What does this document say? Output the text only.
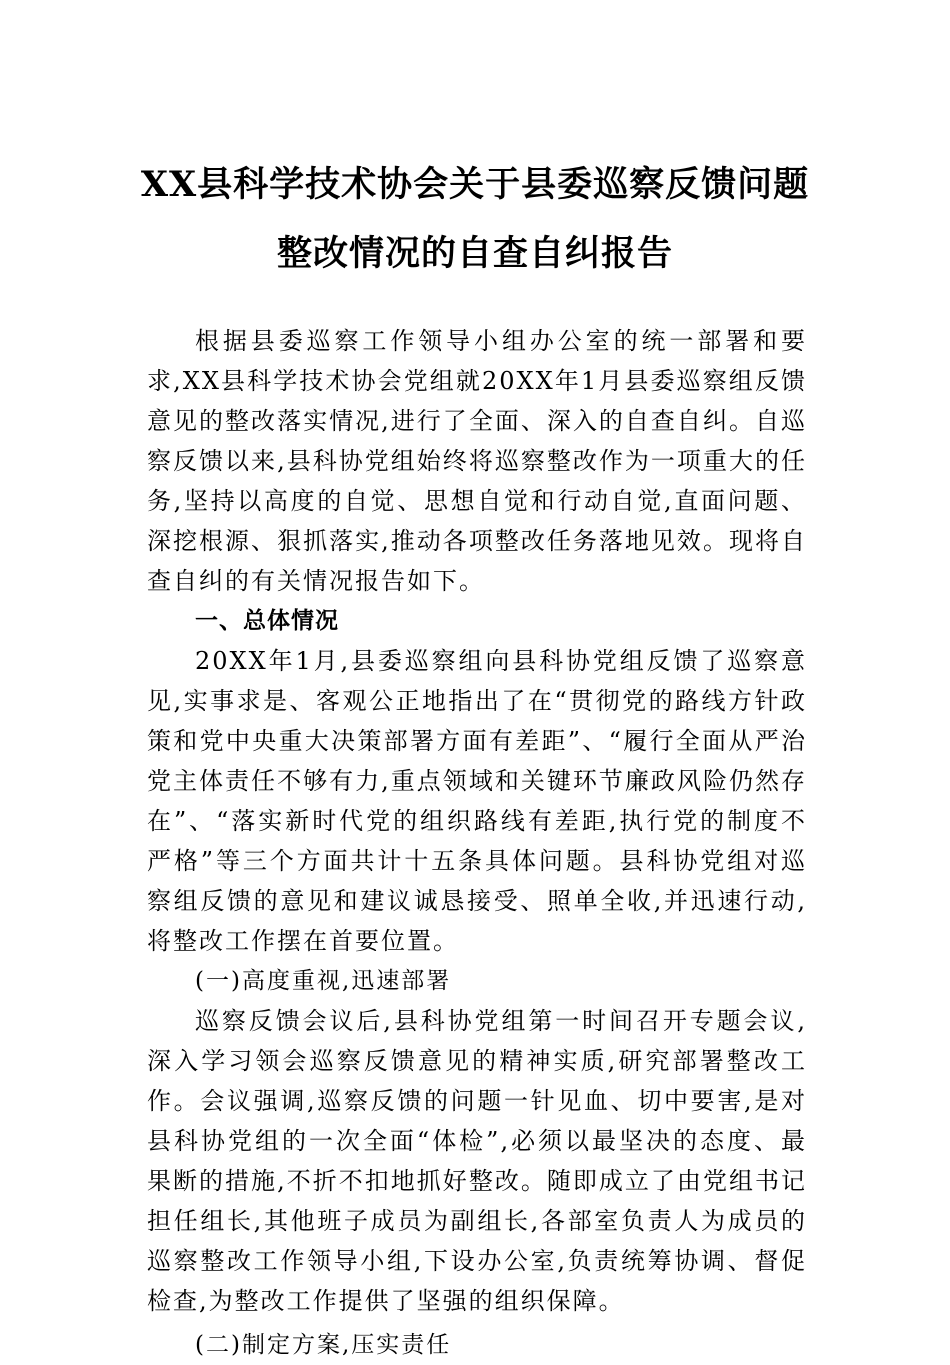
XX县科学技术协会关于县委巡察反馈问题
整改情况的自查自纠报告

根据县委巡察工作领导小组办公室的统一部署和要求,XX县科学技术协会党组就20XX年1月县委巡察组反馈意见的整改落实情况,进行了全面、深入的自查自纠。自巡察反馈以来,县科协党组始终将巡察整改作为一项重大的任务,坚持以高度的自觉、思想自觉和行动自觉,直面问题、深挖根源、狠抓落实,推动各项整改任务落地见效。现将自查自纠的有关情况报告如下。

一、总体情况

20XX年1月,县委巡察组向县科协党组反馈了巡察意见,实事求是、客观公正地指出了在“贯彻党的路线方针政策和党中央重大决策部署方面有差距”、“履行全面从严治党主体责任不够有力,重点领域和关键环节廉政风险仍然存在”、“落实新时代党的组织路线有差距,执行党的制度不严格”等三个方面共计十五条具体问题。县科协党组对巡察组反馈的意见和建议诚恳接受、照单全收,并迅速行动,将整改工作摆在首要位置。

(一)高度重视,迅速部署

巡察反馈会议后,县科协党组第一时间召开专题会议,深入学习领会巡察反馈意见的精神实质,研究部署整改工作。会议强调,巡察反馈的问题一针见血、切中要害,是对县科协党组的一次全面“体检”,必须以最坚决的态度、最果断的措施,不折不扣地抓好整改。随即成立了由党组书记担任组长,其他班子成员为副组长,各部室负责人为成员的巡察整改工作领导小组,下设办公室,负责统筹协调、督促检查,为整改工作提供了坚强的组织保障。

(二)制定方案,压实责任
